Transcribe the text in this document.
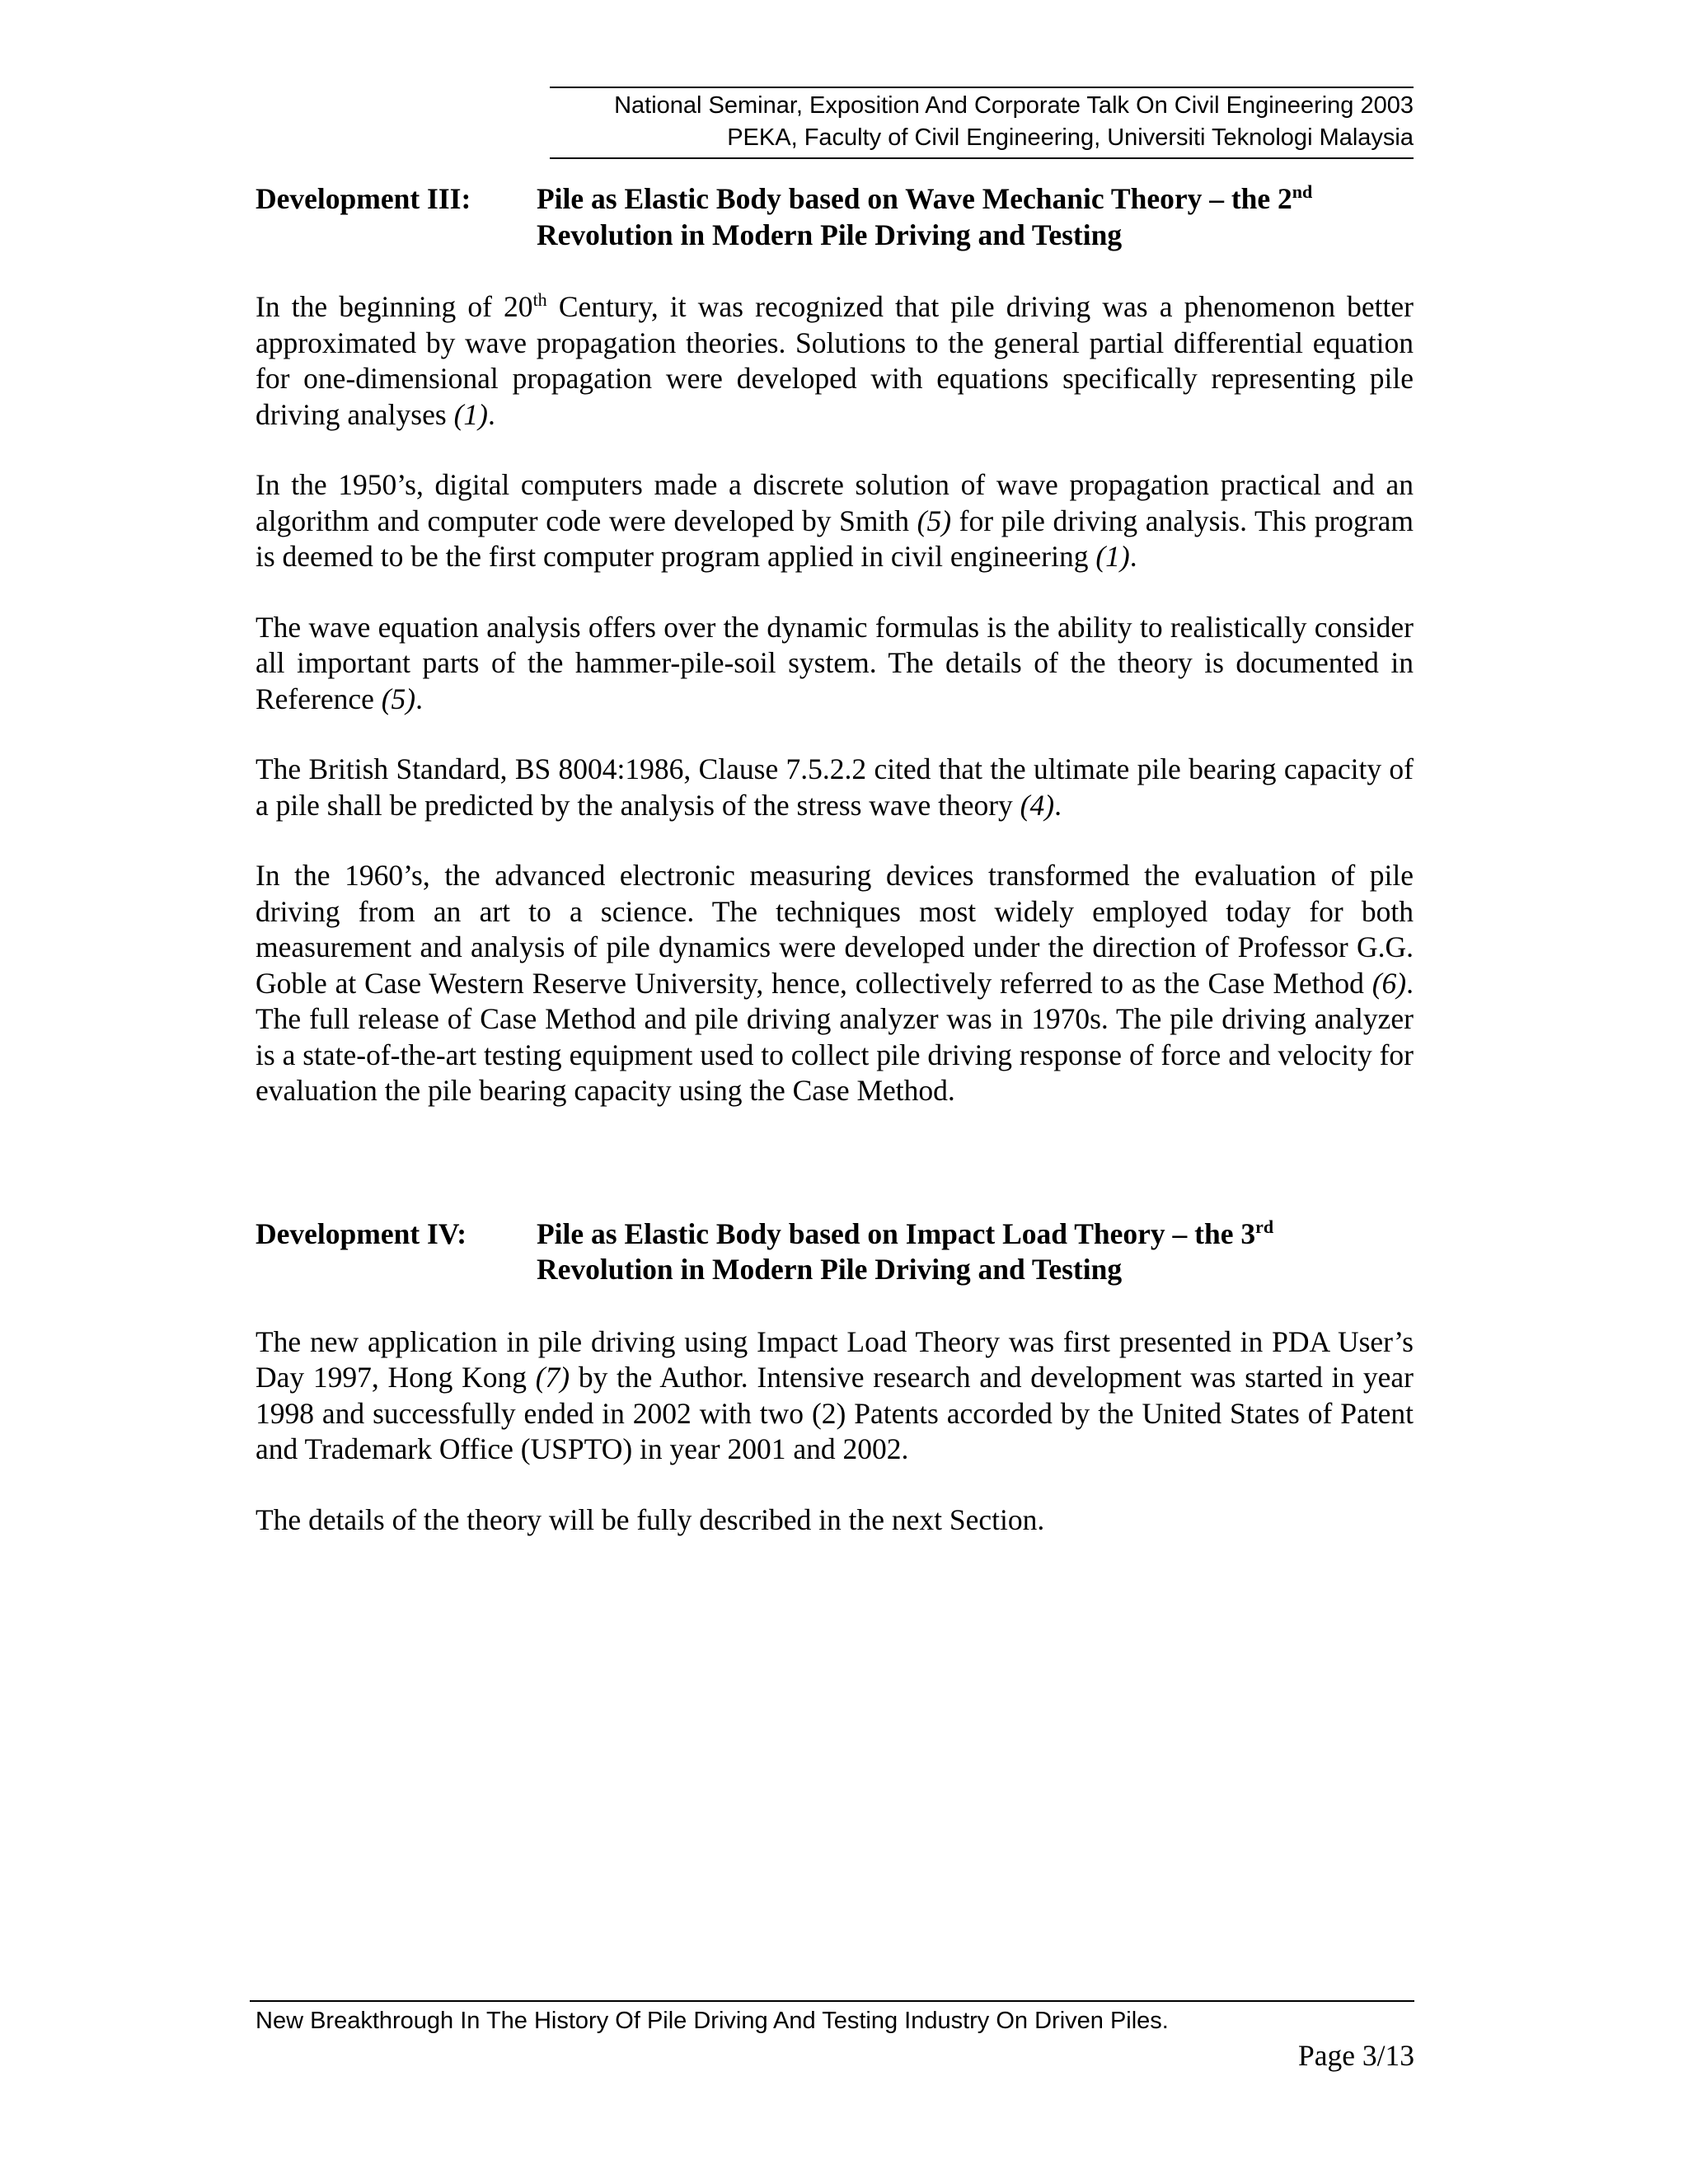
National Seminar, Exposition And Corporate Talk On Civil Engineering 2003
PEKA, Faculty of Civil Engineering, Universiti Teknologi Malaysia
Development III:	Pile as Elastic Body based on Wave Mechanic Theory – the 2nd
Revolution in Modern Pile Driving and Testing

In the beginning of 20th Century, it was recognized that pile driving was a phenomenon better approximated by wave propagation theories. Solutions to the general partial differential equation for one-dimensional propagation were developed with equations specifically representing pile driving analyses (1).

In the 1950’s, digital computers made a discrete solution of wave propagation practical and an algorithm and computer code were developed by Smith (5) for pile driving analysis. This program is deemed to be the first computer program applied in civil engineering (1).

The wave equation analysis offers over the dynamic formulas is the ability to realistically consider all important parts of the hammer-pile-soil system. The details of the theory is documented in Reference (5).

The British Standard, BS 8004:1986, Clause 7.5.2.2 cited that the ultimate pile bearing capacity of a pile shall be predicted by the analysis of the stress wave theory (4).

In the 1960’s, the advanced electronic measuring devices transformed the evaluation of pile driving from an art to a science. The techniques most widely employed today for both measurement and analysis of pile dynamics were developed under the direction of Professor G.G. Goble at Case Western Reserve University, hence, collectively referred to as the Case Method (6). The full release of Case Method and pile driving analyzer was in 1970s. The pile driving analyzer is a state-of-the-art testing equipment used to collect pile driving response of force and velocity for evaluation the pile bearing capacity using the Case Method.

Development IV:	Pile as Elastic Body based on Impact Load Theory – the 3rd
Revolution in Modern Pile Driving and Testing

The new application in pile driving using Impact Load Theory was first presented in PDA User’s Day 1997, Hong Kong (7) by the Author. Intensive research and development was started in year 1998 and successfully ended in 2002 with two (2) Patents accorded by the United States of Patent and Trademark Office (USPTO) in year 2001 and 2002.

The details of the theory will be fully described in the next Section.

New Breakthrough In The History Of Pile Driving And Testing Industry On Driven Piles.
Page 3/13
